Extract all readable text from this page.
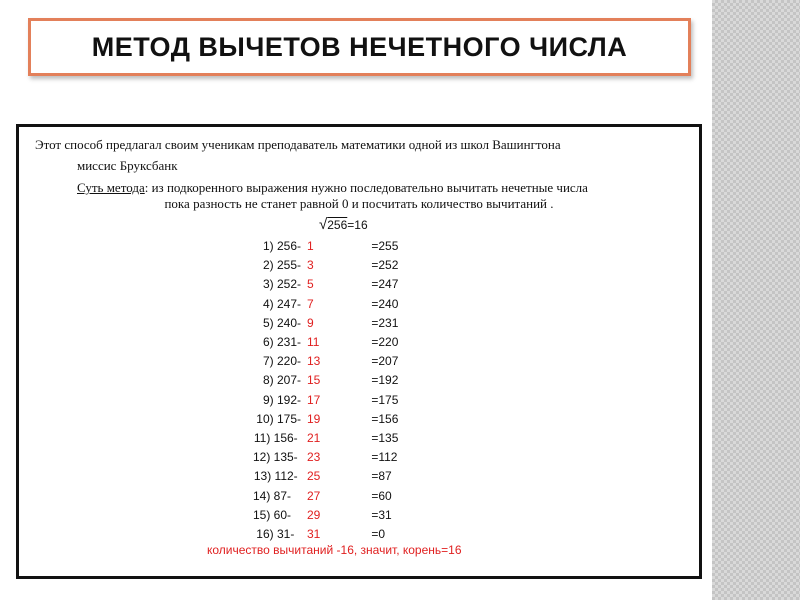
МЕТОД ВЫЧЕТОВ НЕЧЕТНОГО ЧИСЛА
Этот способ предлагал своим ученикам преподаватель математики одной из школ Вашингтона
миссис Бруксбанк
Суть метода: из подкоренного выражения нужно последовательно вычитать нечетные числа
пока разность не станет равной 0 и посчитать количество вычитаний .
√256=16
1) 256- 1	=255
2) 255- 3	=252
3) 252- 5	=247
4) 247- 7	=240
5) 240- 9	=231
6) 231- 11	=220
7) 220- 13	=207
8) 207- 15	=192
9) 192- 17	=175
10) 175- 19	=156
11) 156- 21	=135
12) 135- 23	=112
13) 112- 25	=87
14) 87- 27	=60
15) 60- 29	=31
16) 31- 31	=0
количество вычитаний -16, значит, корень=16
